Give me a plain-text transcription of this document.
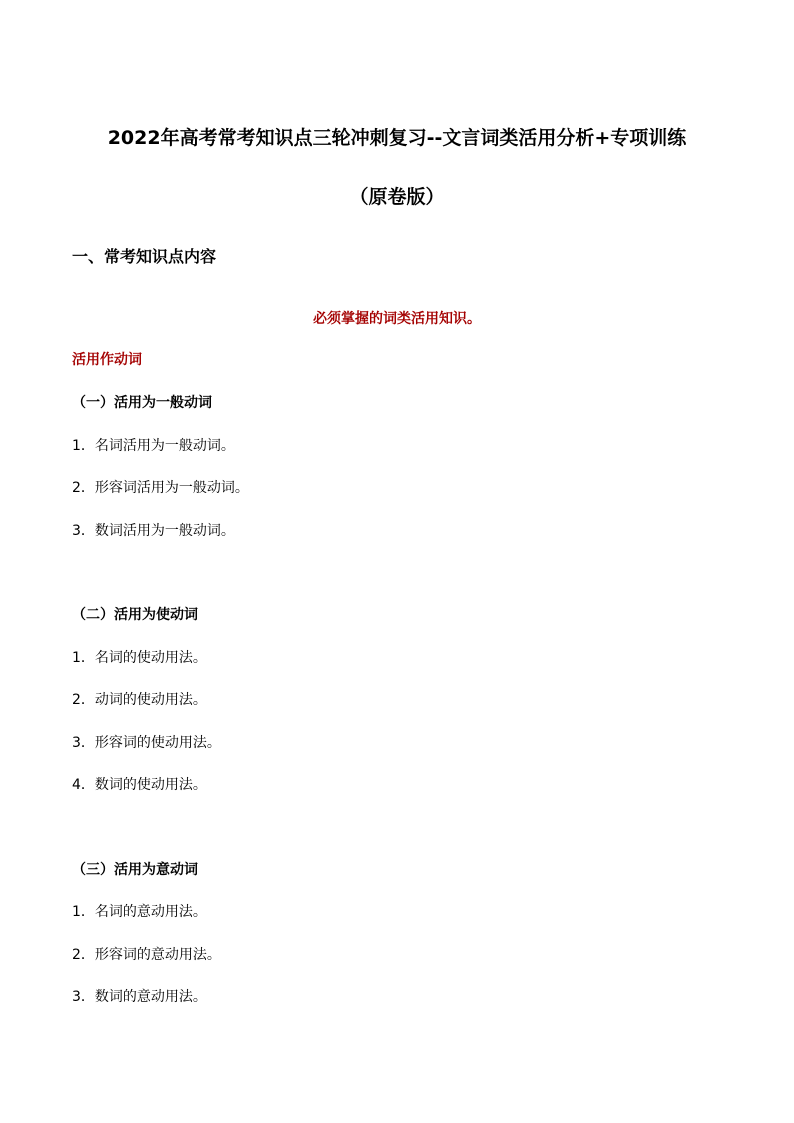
2022年高考常考知识点三轮冲刺复习--文言词类活用分析+专项训练
（原卷版）
一、常考知识点内容
必须掌握的词类活用知识。
活用作动词
（一）活用为一般动词
1．名词活用为一般动词。
2．形容词活用为一般动词。
3．数词活用为一般动词。
（二）活用为使动词
1．名词的使动用法。
2．动词的使动用法。
3．形容词的使动用法。
4．数词的使动用法。
（三）活用为意动词
1．名词的意动用法。
2．形容词的意动用法。
3．数词的意动用法。
